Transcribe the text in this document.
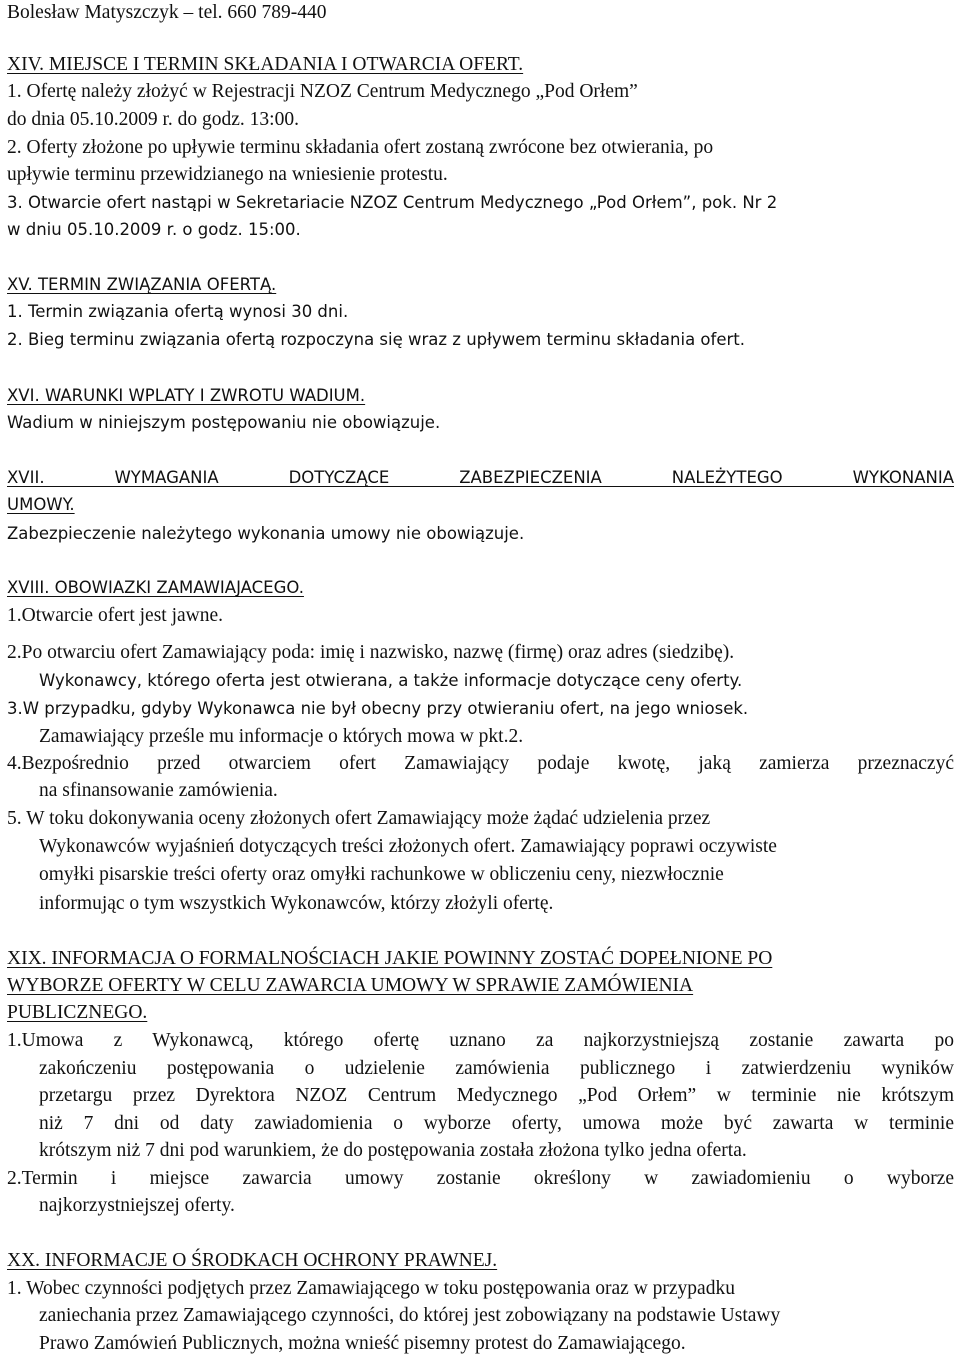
Bolesław Matyszczyk – tel. 660 789-440
XIV. MIEJSCE I TERMIN SKŁADANIA I OTWARCIA OFERT.
1. Ofertę należy złożyć w Rejestracji NZOZ Centrum Medycznego „Pod Orłem”
do dnia 05.10.2009 r. do godz. 13:00.
2. Oferty złożone po upływie terminu składania ofert zostaną zwrócone bez otwierania, po
upływie terminu przewidzianego na wniesienie protestu.
3. Otwarcie ofert nastąpi w Sekretariacie NZOZ Centrum Medycznego „Pod Orłem”, pok. Nr 2
w dniu 05.10.2009 r. o godz. 15:00.
XV. TERMIN ZWIĄZANIA OFERTĄ.
1. Termin związania ofertą wynosi 30 dni.
2. Bieg terminu związania ofertą rozpoczyna się wraz z upływem terminu składania ofert.
XVI. WARUNKI WPLATY I ZWROTU WADIUM.
Wadium w niniejszym postępowaniu nie obowiązuje.
XVII. WYMAGANIA DOTYCZĄCE ZABEZPIECZENIA NALEŻYTEGO WYKONANIA
UMOWY.
Zabezpieczenie należytego wykonania umowy nie obowiązuje.
XVIII. OBOWIAZKI ZAMAWIAJACEGO.
1.Otwarcie ofert jest jawne.
2.Po otwarciu ofert Zamawiający poda: imię i nazwisko, nazwę (firmę) oraz adres (siedzibę).
Wykonawcy, którego oferta jest otwierana, a także informacje dotyczące ceny oferty.
3.W przypadku, gdyby Wykonawca nie był obecny przy otwieraniu ofert, na jego wniosek.
Zamawiający prześle mu informacje o których mowa w pkt.2.
4.Bezpośrednio przed otwarciem ofert Zamawiający podaje kwotę, jaką zamierza przeznaczyć
na sfinansowanie zamówienia.
5. W toku dokonywania oceny złożonych ofert Zamawiający może żądać udzielenia przez
Wykonawców wyjaśnień dotyczących treści złożonych ofert. Zamawiający poprawi oczywiste
omyłki pisarskie treści oferty oraz omyłki rachunkowe w obliczeniu ceny, niezwłocznie
informując o tym wszystkich Wykonawców, którzy złożyli ofertę.
XIX. INFORMACJA O FORMALNOŚCIACH JAKIE POWINNY ZOSTAĆ DOPEŁNIONE PO
WYBORZE OFERTY W CELU ZAWARCIA UMOWY W SPRAWIE ZAMÓWIENIA
PUBLICZNEGO.
1.Umowa z Wykonawcą, którego ofertę uznano za najkorzystniejszą zostanie zawarta po
zakończeniu postępowania o udzielenie zamówienia publicznego i zatwierdzeniu wyników
przetargu przez Dyrektora NZOZ Centrum Medycznego „Pod Orłem” w terminie nie krótszym
niż 7 dni od daty zawiadomienia o wyborze oferty, umowa może być zawarta w terminie
krótszym niż 7 dni pod warunkiem, że do postępowania została złożona tylko jedna oferta.
2.Termin i miejsce zawarcia umowy zostanie określony w zawiadomieniu o wyborze
najkorzystniejszej oferty.
XX. INFORMACJE O ŚRODKACH OCHRONY PRAWNEJ.
1. Wobec czynności podjętych przez Zamawiającego w toku postępowania oraz w przypadku
zaniechania przez Zamawiającego czynności, do której jest zobowiązany na podstawie Ustawy
Prawo Zamówień Publicznych, można wnieść pisemny protest do Zamawiającego.
